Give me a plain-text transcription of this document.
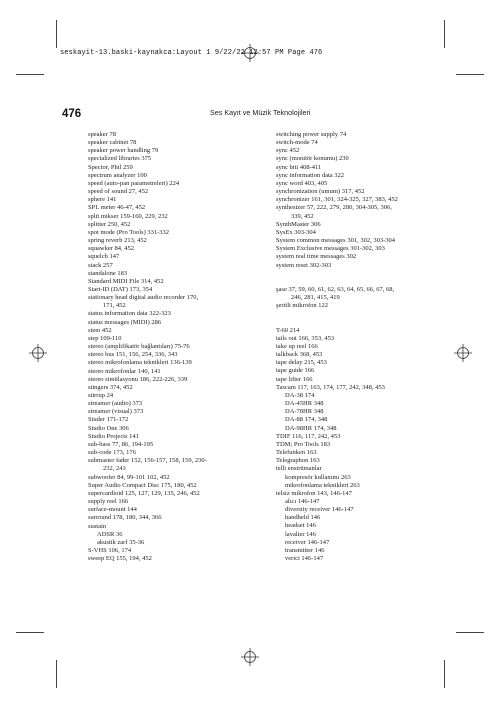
seskayit-13.baski-kaynakca:Layout 1 9/22/22 12:57 PM Page 476
476	Ses Kayıt ve Müzik Teknolojileri
speaker 78
speaker cabinet 78
speaker power handling 79
specialized libraries 375
Spector, Phil 259
spectrum analyzer 100
speed (auto-pan parametreleri) 224
speed of sound 27, 452
sphere 141
SPL meter 46-47, 452
split mikser 159-160, 229, 232
splitter 250, 452
spot mode (Pro Tools) 331-332
spring reverb 213, 452
squawker 84, 452
squelch 147
stack 257
standalone 183
Standard MIDI File 314, 452
Start-ID (DAT) 173, 354
stationary head digital audio recorder 170,
171, 452
status information data 322-323
status messages (MIDI) 286
stem 452
step 109-110
stereo (amplifikatör bağlantıları) 75-76
stereo bus 151, 156, 254, 336, 343
stereo mikrofonlama teknikleri 136-139
stereo mikrofonlar 140, 141
stereo simülasyonu 186, 222-226, 339
stingers 374, 452
stirrup 24
streamer (audio) 373
streamer (visual) 373
Studer 171-172
Studio One 306
Studio Projects 141
sub-bass 77, 86, 194-195
sub-code 173, 176
submaster fader 152, 156-157, 158, 159, 230-
232, 243
subwoofer 84, 99-101 102, 452
Super Audio Compact Disc 175, 180, 452
supercardioid 125, 127, 129, 135, 246, 452
supply reel 166
surface-mount 144
surround 178, 180, 344, 366
sustain
ADSR 36
akustik zarf 35-36
S-VHS 106, 174
sweep EQ 155, 194, 452
switching power supply 74
switch-mode 74
sync 452
sync (monitör konumu) 230
sync biti 408-411
sync information data 322
sync word 403, 405
synchronization (umum) 317, 452
synchronizer 161, 301, 324-325, 327, 383, 452
synthesizer 57, 222, 279, 280, 304-305, 306,
339, 452
SynthMaster 306
SysEx 303-304
System common messages 301, 302, 303-304
System Exclusive messages 301-302, 303
system real time messages 302
system reset 302-303
şase 37, 59, 60, 61, 62, 63, 64, 65, 66, 67, 68,
246, 281, 415, 419
şeritli mikrofon 122
T-60 214
tails out 166, 353, 453
take up reel 166
talkback 368, 453
tape delay 215, 453
tape guide 166
tape lifter 166
Tascam 117, 163, 174, 177, 242, 348, 453
DA-38 174
DA-45HR 348
DA-78HR 348
DA-88 174, 348
DA-98HR 174, 348
TDIF 116, 117, 242, 453
TDM; Pro Tools 183
Telefunken 163
Telegraphon 163
telli enstrümanlar
kompresör kullanımı 263
mikrofonlama teknikleri 263
telsiz mikrofon 143, 146-147
alıcı 146-147
diversity receiver 146-147
handheld 146
headset 146
lavalier 146
receiver 146-147
transmitter 146
verici 146-147
